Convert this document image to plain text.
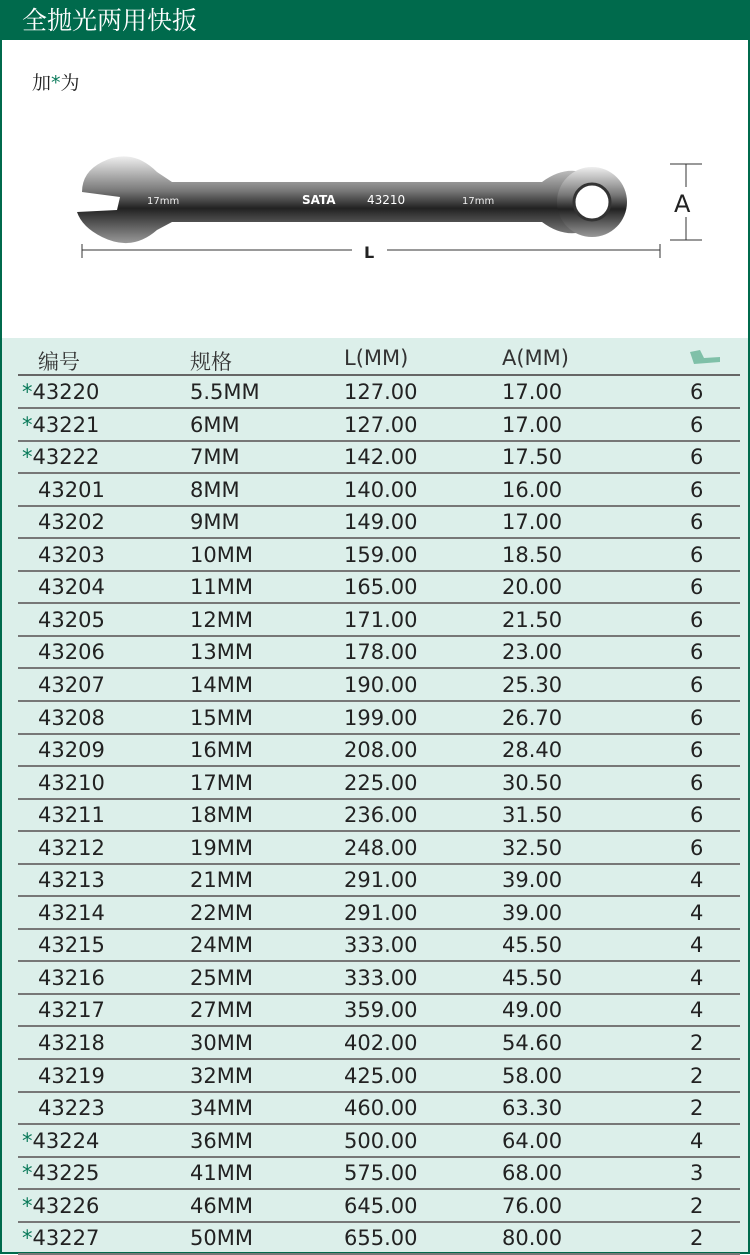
全抛光两用快扳
加*为
17mm	SATA	43210	17mm
L
A
编号	规格	L(MM)	A(MM)
*43220	5.5MM	127.00	17.00	6
*43221	6MM	127.00	17.00	6
*43222	7MM	142.00	17.50	6
43201	8MM	140.00	16.00	6
43202	9MM	149.00	17.00	6
43203	10MM	159.00	18.50	6
43204	11MM	165.00	20.00	6
43205	12MM	171.00	21.50	6
43206	13MM	178.00	23.00	6
43207	14MM	190.00	25.30	6
43208	15MM	199.00	26.70	6
43209	16MM	208.00	28.40	6
43210	17MM	225.00	30.50	6
43211	18MM	236.00	31.50	6
43212	19MM	248.00	32.50	6
43213	21MM	291.00	39.00	4
43214	22MM	291.00	39.00	4
43215	24MM	333.00	45.50	4
43216	25MM	333.00	45.50	4
43217	27MM	359.00	49.00	4
43218	30MM	402.00	54.60	2
43219	32MM	425.00	58.00	2
43223	34MM	460.00	63.30	2
*43224	36MM	500.00	64.00	4
*43225	41MM	575.00	68.00	3
*43226	46MM	645.00	76.00	2
*43227	50MM	655.00	80.00	2
